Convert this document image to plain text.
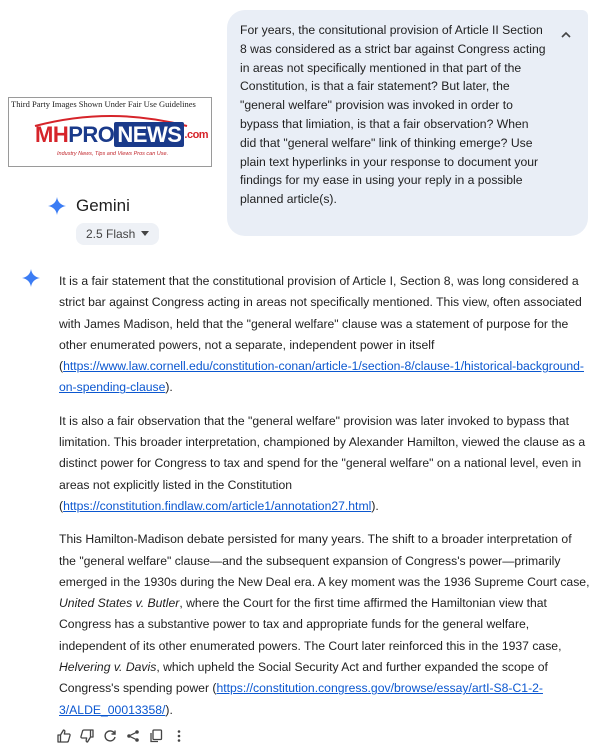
Third Party Images Shown Under Fair Use Guidelines
MHPRO NEWS $^{.com}$
Industry News, Tips and Views Pros can Use.
Gemini
2.5 Flash
For years, the consitutional provision of Article II Section 8 was considered as a strict bar against Congress acting in areas not specifically mentioned in that part of the Constitution, is that a fair statement? But later, the "general welfare" provision was invoked in order to bypass that limiation, is that a fair observation? When did that "general welfare" link of thinking emerge? Use plain text hyperlinks in your response to document your findings for my ease in using your reply in a possible planned article(s).

It is a fair statement that the constitutional provision of Article I, Section 8, was long considered a strict bar against Congress acting in areas not specifically mentioned. This view, often associated with James Madison, held that the "general welfare" clause was a statement of purpose for the other enumerated powers, not a separate, independent power in itself (https://www.law.cornell.edu/constitution-conan/article-1/section-8/clause-1/historical-background-on-spending-clause).

It is also a fair observation that the "general welfare" provision was later invoked to bypass that limitation. This broader interpretation, championed by Alexander Hamilton, viewed the clause as a distinct power for Congress to tax and spend for the "general welfare" on a national level, even in areas not explicitly listed in the Constitution (https://constitution.findlaw.com/article1/annotation27.html).

This Hamilton-Madison debate persisted for many years. The shift to a broader interpretation of the "general welfare" clause—and the subsequent expansion of Congress's power—primarily emerged in the 1930s during the New Deal era. A key moment was the 1936 Supreme Court case, United States v. Butler, where the Court for the first time affirmed the Hamiltonian view that Congress has a substantive power to tax and appropriate funds for the general welfare, independent of its other enumerated powers. The Court later reinforced this in the 1937 case, Helvering v. Davis, which upheld the Social Security Act and further expanded the scope of Congress's spending power (https://constitution.congress.gov/browse/essay/artI-S8-C1-2-3/ALDE_00013358/).
